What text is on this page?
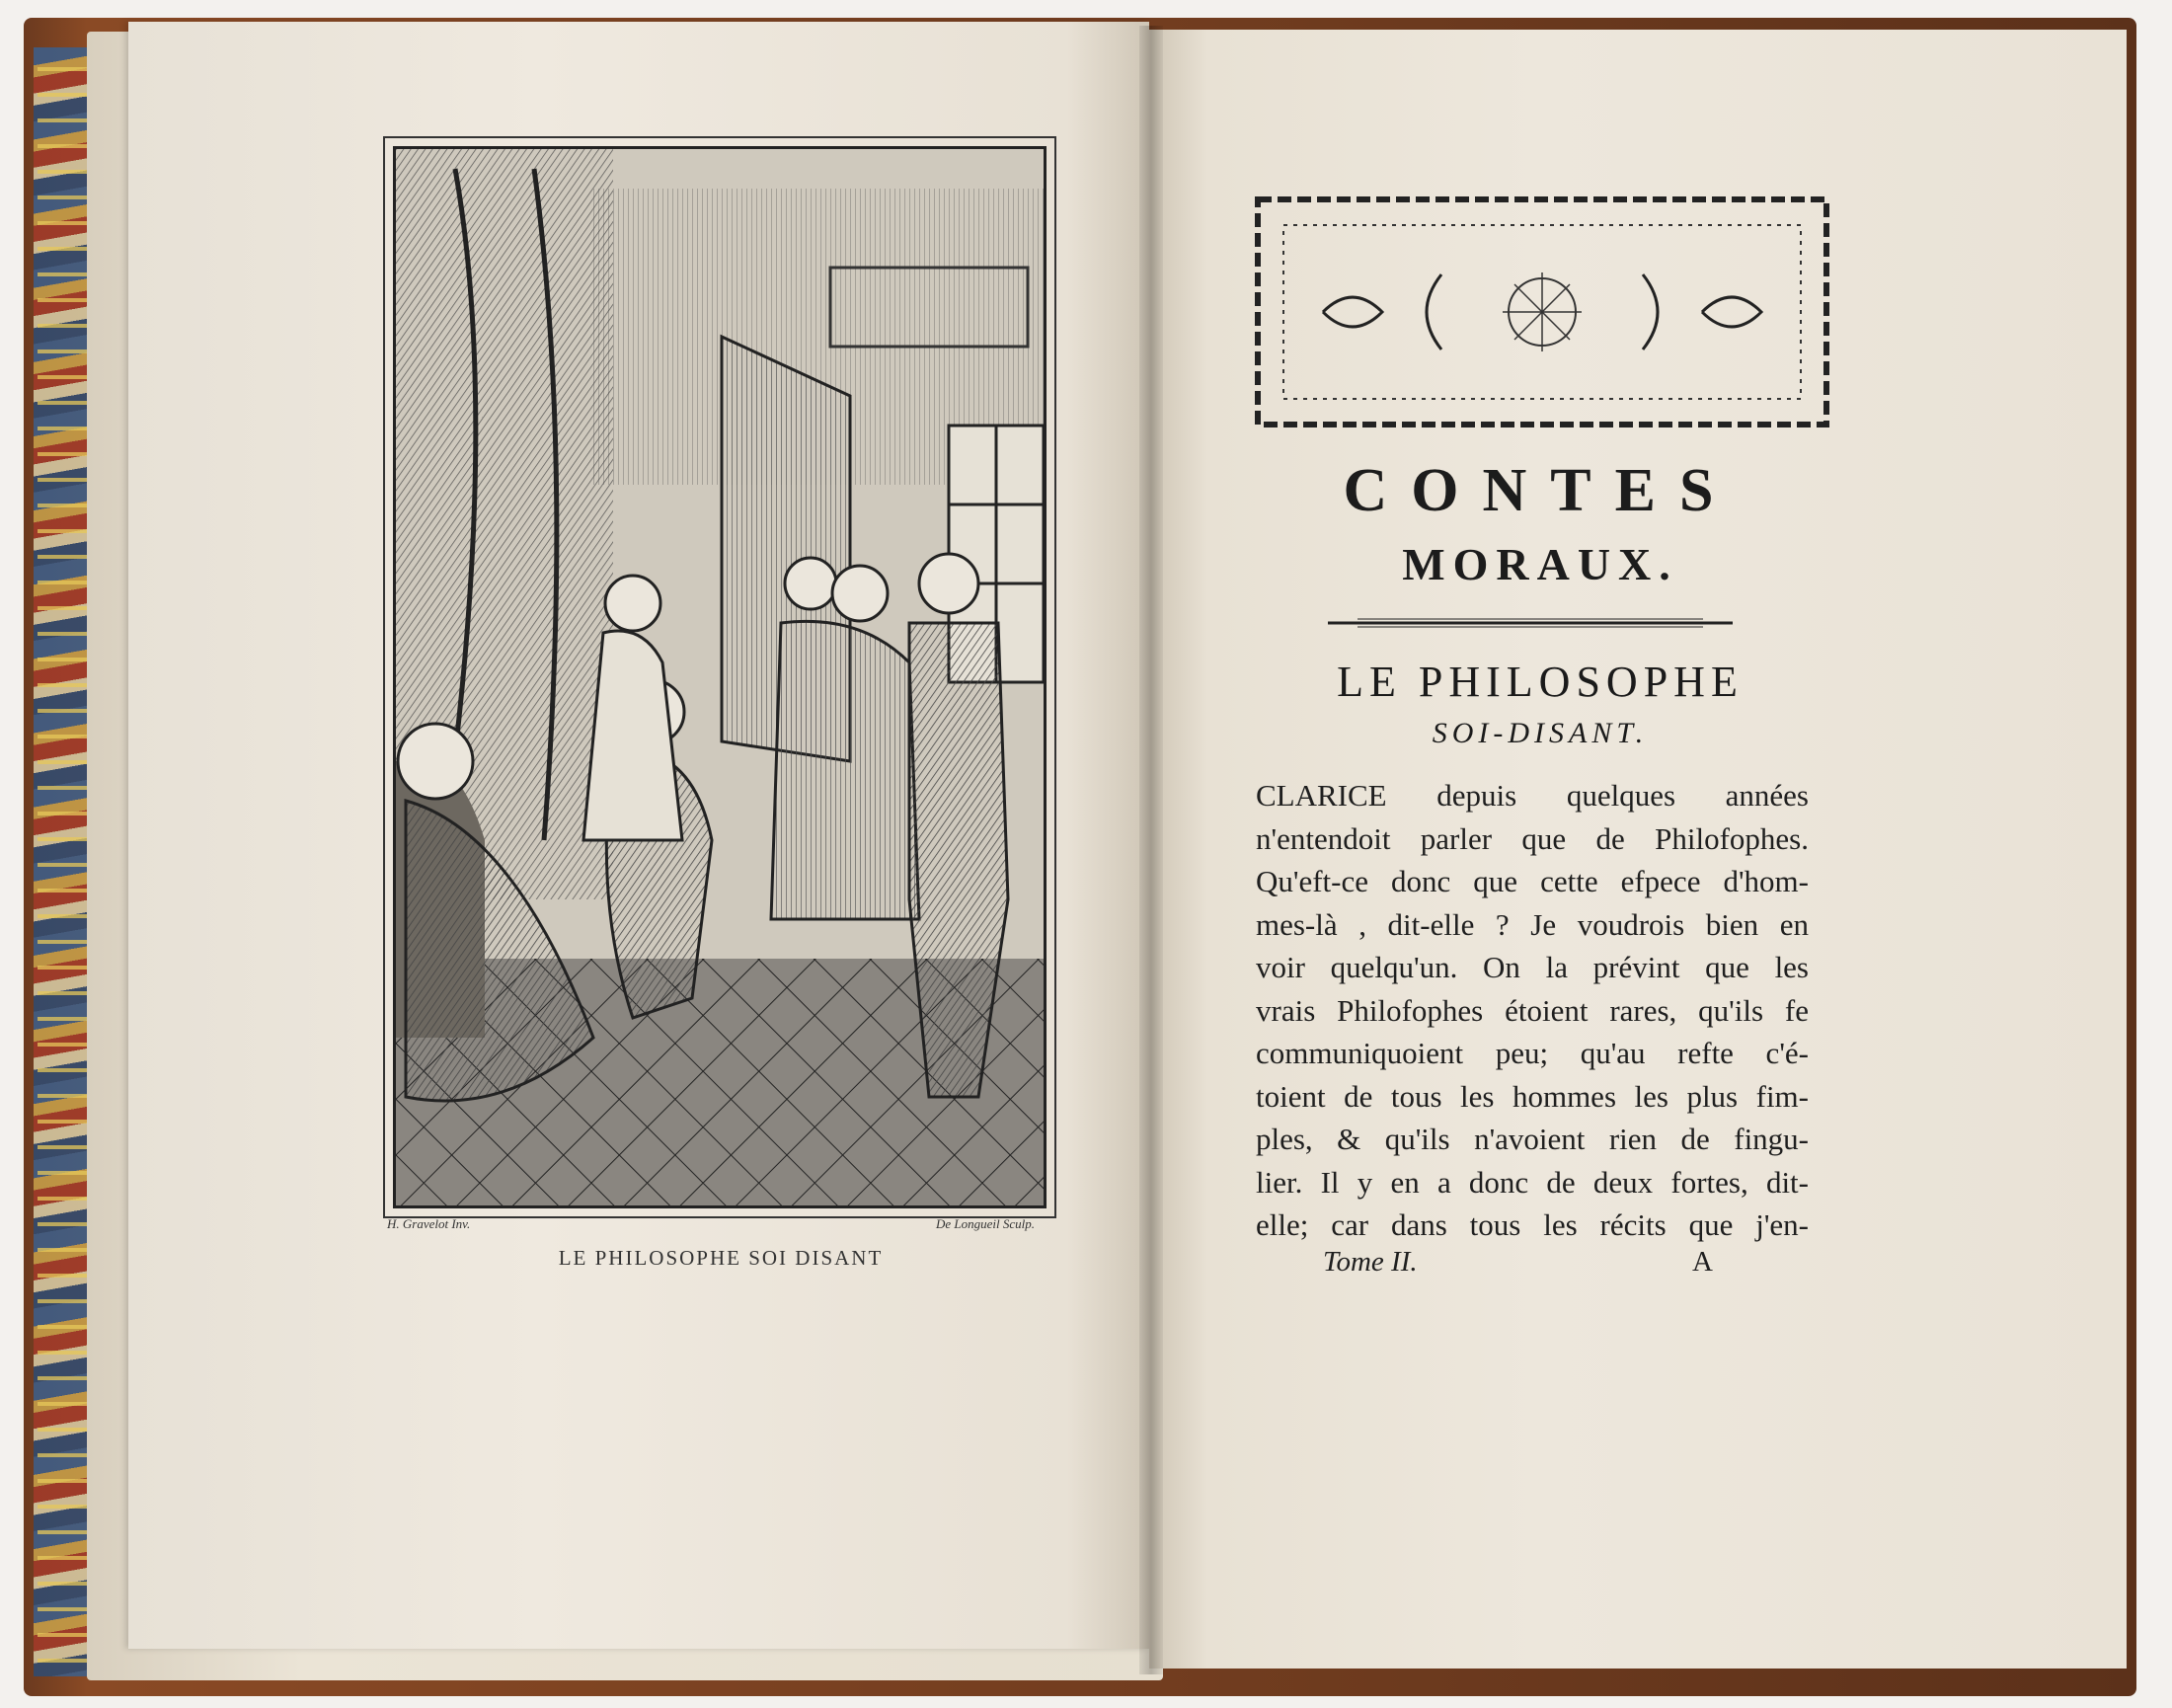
H. Gravelot Inv.	De Longueil Sculp.
LE PHILOSOPHE SOI DISANT
CONTES
MORAUX.
LE PHILOSOPHE
SOI-DISANT.
CLARICE depuis quelques années
n'entendoit parler que de Philofophes.
Qu'eft-ce donc que cette efpece d'hom-
mes-là , dit-elle ? Je voudrois bien en
voir quelqu'un. On la prévint que les
vrais Philofophes étoient rares, qu'ils fe
communiquoient peu; qu'au refte c'é-
toient de tous les hommes les plus fim-
ples, & qu'ils n'avoient rien de fingu-
lier. Il y en a donc de deux fortes, dit-
elle; car dans tous les récits que j'en-
Tome II.	A
